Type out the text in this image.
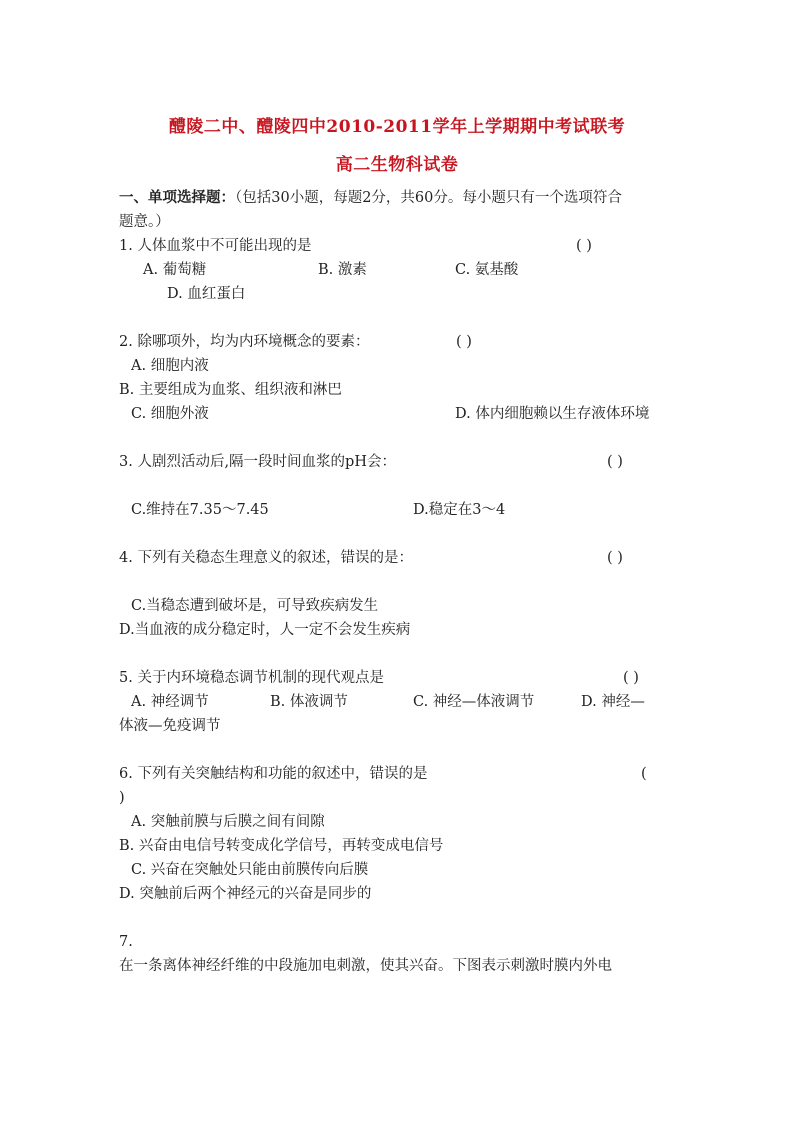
醴陵二中、醴陵四中2010-2011学年上学期期中考试联考
高二生物科试卷
一、单项选择题：（包括30小题，每题2分，共60分。每小题只有一个选项符合
题意。）
1. 人体血浆中不可能出现的是	( )
A. 葡萄糖	B. 激素	C. 氨基酸
D. 血红蛋白
2. 除哪项外，均为内环境概念的要素：	( )
A. 细胞内液
B. 主要组成为血浆、组织液和淋巴
C. 细胞外液	D. 体内细胞赖以生存液体环境
3. 人剧烈活动后,隔一段时间血浆的pH会：	( )
C.维持在7.35～7.45	D.稳定在3～4
4. 下列有关稳态生理意义的叙述，错误的是：	( )
C.当稳态遭到破坏是，可导致疾病发生
D.当血液的成分稳定时，人一定不会发生疾病
5. 关于内环境稳态调节机制的现代观点是	( )
A. 神经调节	B. 体液调节	C. 神经—体液调节	D. 神经—
体液—免疫调节
6. 下列有关突触结构和功能的叙述中，错误的是	(
)
A. 突触前膜与后膜之间有间隙
B. 兴奋由电信号转变成化学信号，再转变成电信号
C. 兴奋在突触处只能由前膜传向后膜
D. 突触前后两个神经元的兴奋是同步的
7.
在一条离体神经纤维的中段施加电刺激，使其兴奋。下图表示刺激时膜内外电
